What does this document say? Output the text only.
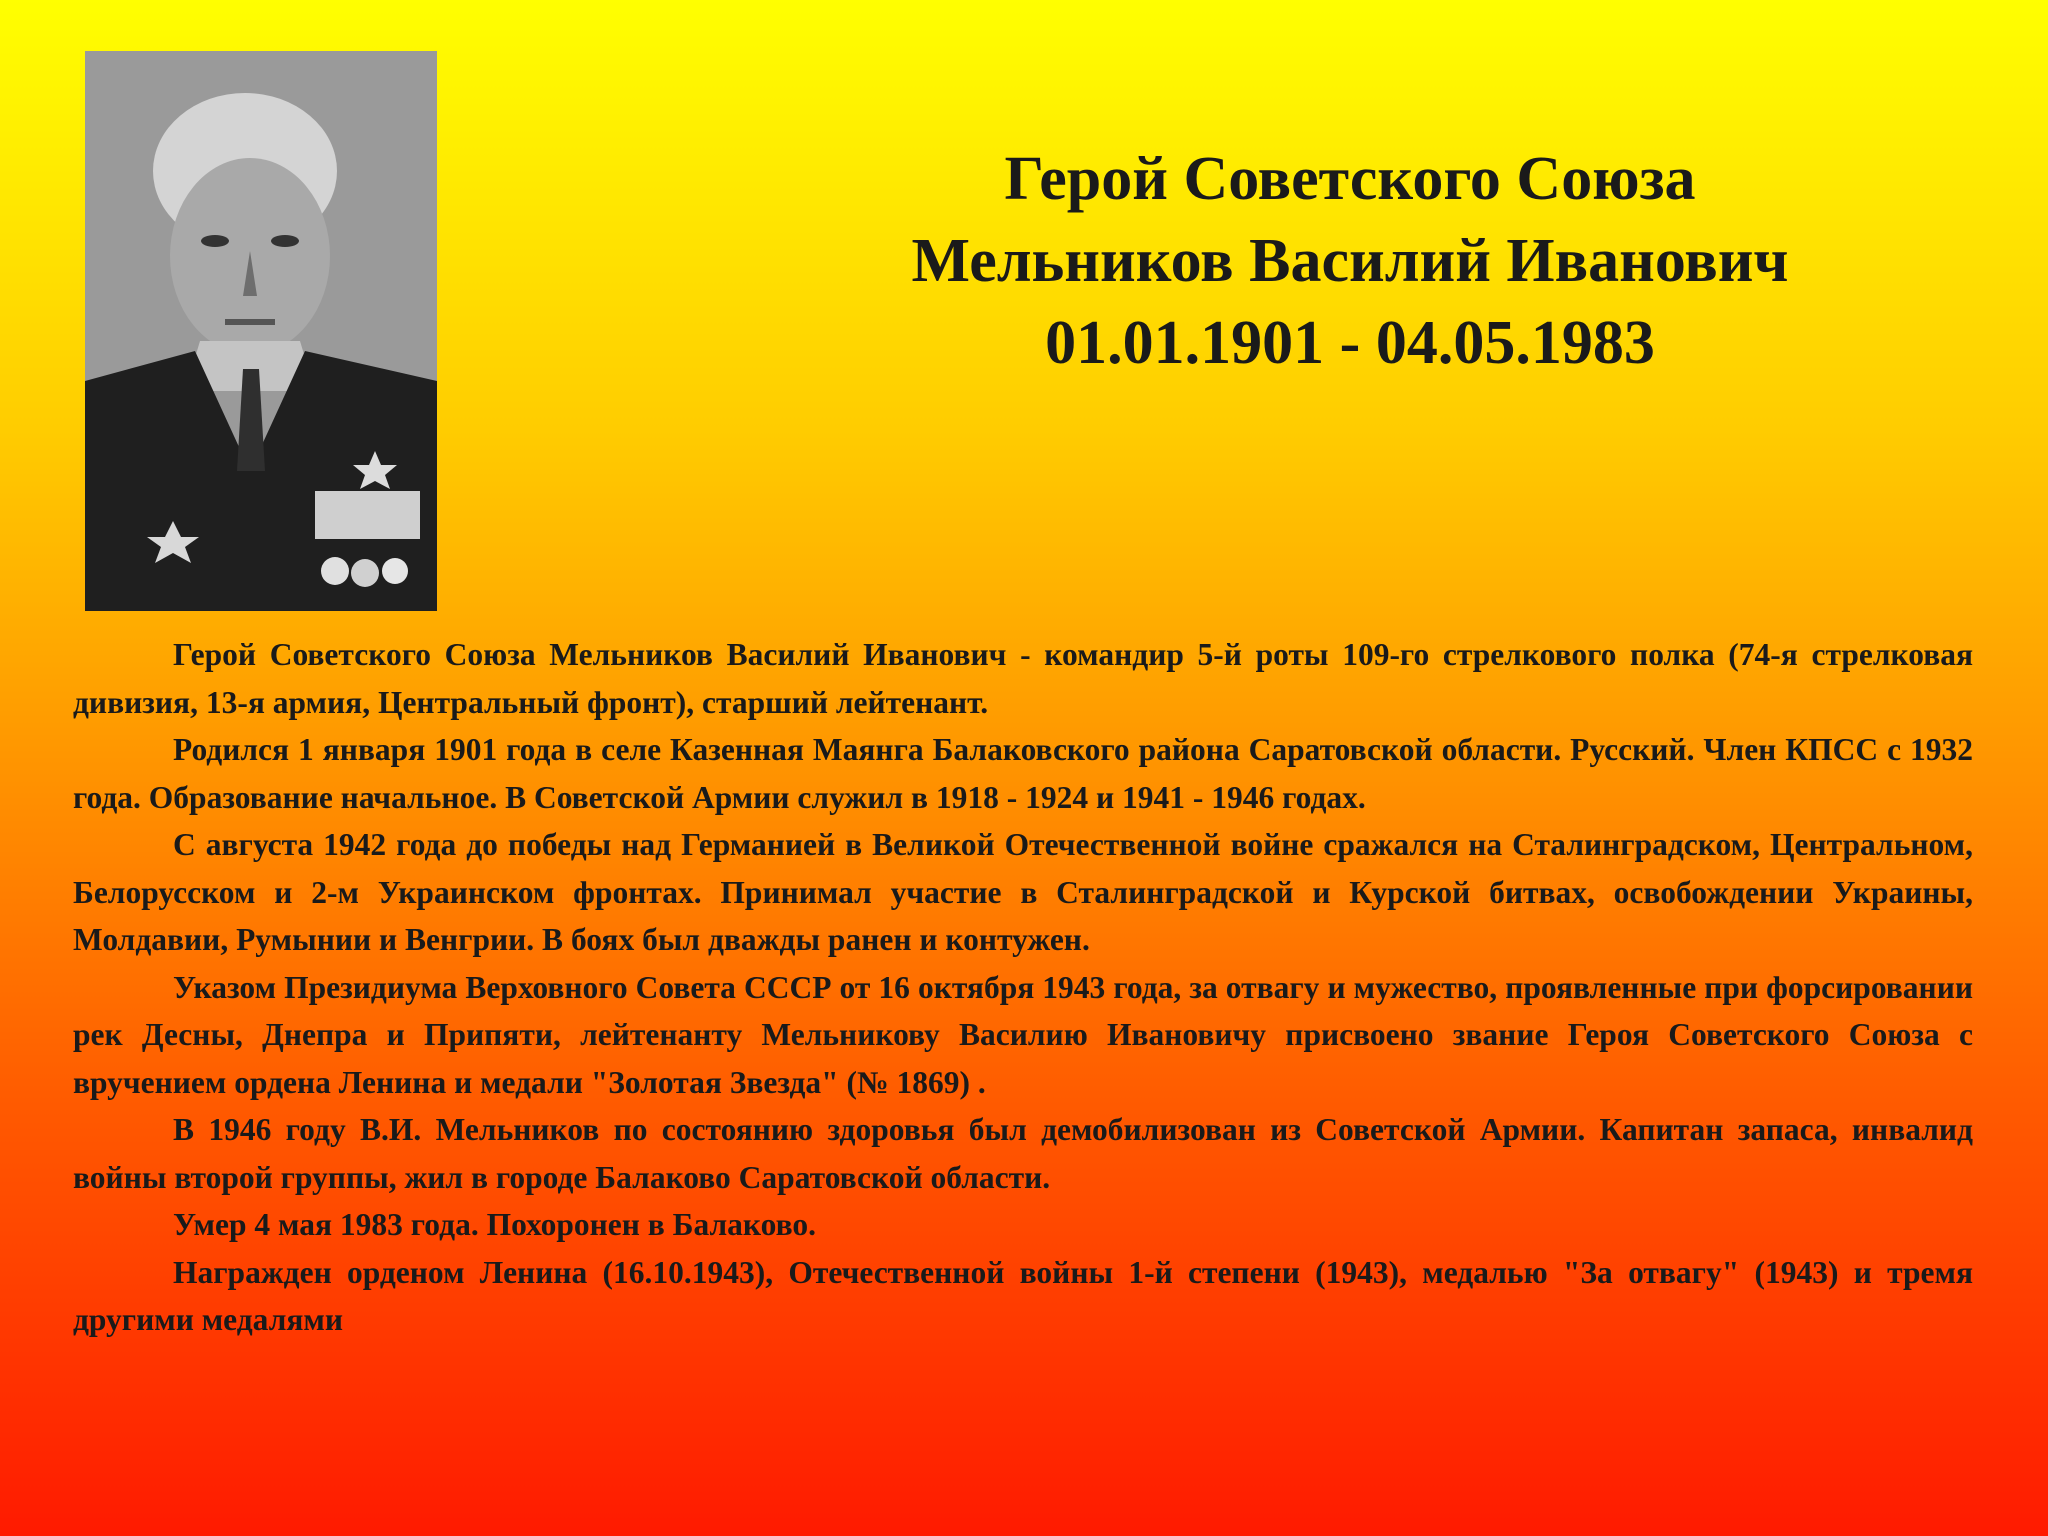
Герой Советского Союза
Мельников Василий Иванович
01.01.1901 - 04.05.1983

Герой Советского Союза Мельников Василий Иванович - командир 5-й роты 109-го стрелкового полка (74-я стрелковая дивизия, 13-я армия, Центральный фронт), старший лейтенант.

Родился 1 января 1901 года в селе Казенная Маянга Балаковского района Саратовской области. Русский. Член КПСС с 1932 года. Образование начальное. В Советской Армии служил в 1918 - 1924 и 1941 - 1946 годах.

С августа 1942 года до победы над Германией в Великой Отечественной войне сражался на Сталинградском, Центральном, Белорусском и 2-м Украинском фронтах. Принимал участие в Сталинградской и Курской битвах, освобождении Украины, Молдавии, Румынии и Венгрии. В боях был дважды ранен и контужен.

Указом Президиума Верховного Совета СССР от 16 октября 1943 года, за отвагу и мужество, проявленные при форсировании рек Десны, Днепра и Припяти, лейтенанту Мельникову Василию Ивановичу присвоено звание Героя Советского Союза с вручением ордена Ленина и медали "Золотая Звезда" (№ 1869) .

В 1946 году В.И. Мельников по состоянию здоровья был демобилизован из Советской Армии. Капитан запаса, инвалид войны второй группы, жил в городе Балаково Саратовской области.

Умер 4 мая 1983 года. Похоронен в Балаково.

Награжден орденом Ленина (16.10.1943), Отечественной войны 1-й степени (1943), медалью "За отвагу" (1943) и тремя другими медалями
